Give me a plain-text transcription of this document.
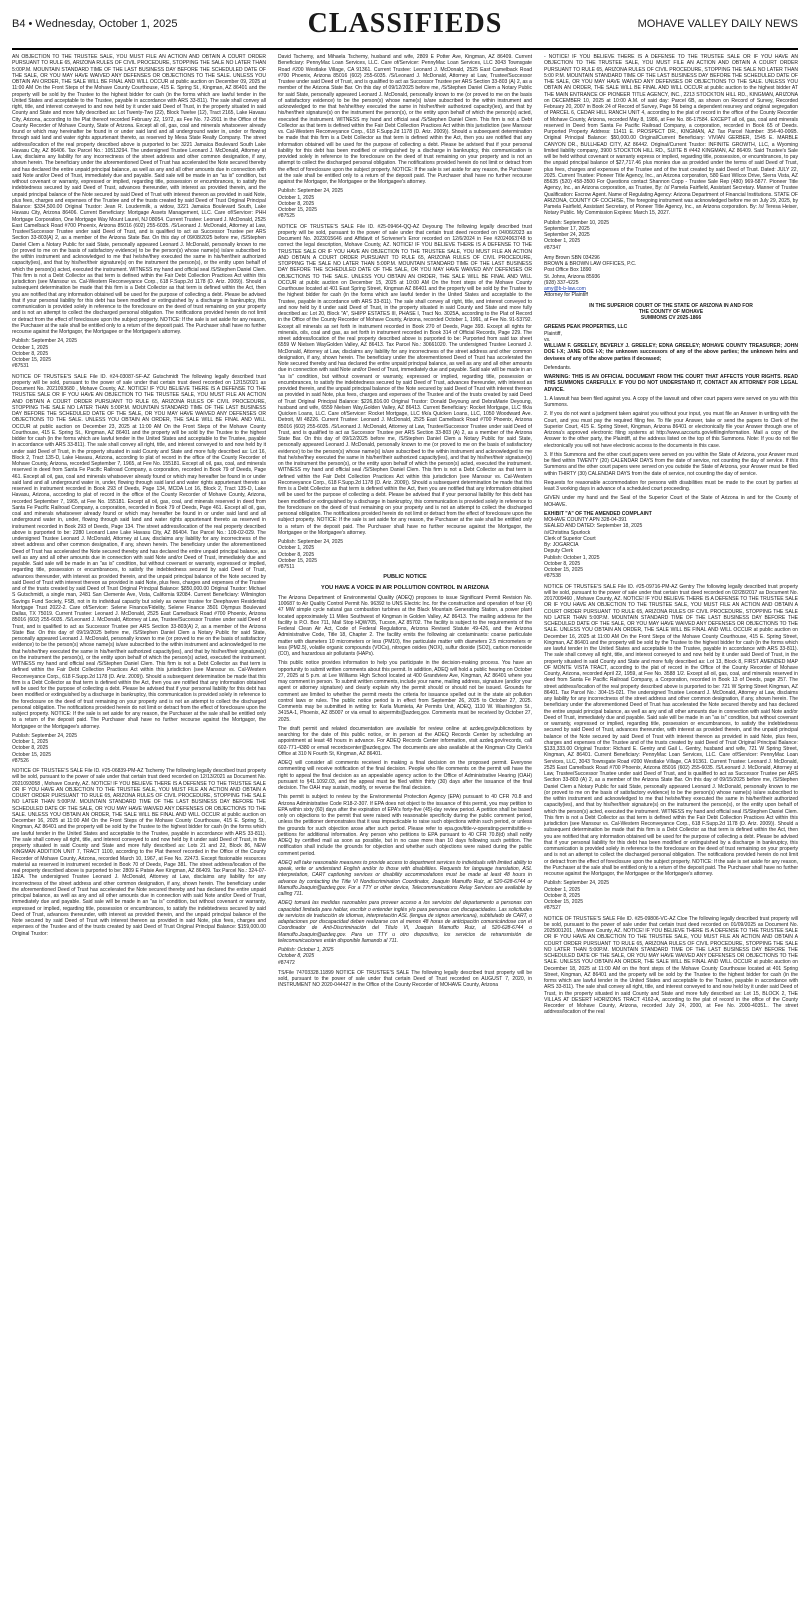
B4 • Wednesday, October 1, 2025	CLASSIFIEDS	MOHAVE VALLEY DAILY NEWS

AN OBJECTION TO THE TRUSTEE SALE, YOU MUST FILE AN ACTION AND OBTAIN A COURT ORDER PURSUANT TO RULE 65, ARIZONA RULES OF CIVIL PROCEDURE, STOPPING THE SALE NO LATER THAN 5:00P.M. MOUNTAIN STANDARD TIME OF THE LAST BUSINESS DAY BEFORE THE SCHEDULED DATE OF THE SALE, OR YOU MAY HAVE WAIVED ANY DEFENSES OR OBJECTIONS TO THE SALE. UNLESS YOU OBTAIN AN ORDER, THE SALE WILL BE FINAL AND WILL OCCUR at public auction on December 09, 2025 at 11:00 AM On the Front Steps of the Mohave County Courthouse, 415 E. Spring St., Kingman, AZ 86401 and the property will be sold by the Trustee to the highest bidder for cash (in the forms which are lawful tender in the United States and acceptable to the Trustee, payable in accordance with ARS 33-811). The sale shall convey all right, title, and interest conveyed to and now held by it under said Deed of Trust, in the property situated in said County and State and more fully described as: Lot Twenty-Two (22), Block Twelve (12), Tract 2165, Lake Havasu City, Arizona, according to the Plat thereof recorded February 22, 1972, as Fee No. 72-2911 in the Office of the County Recorder of Mohave County, State of Arizona. Except all oil, gas, coal and minerals whatsoever already found or which may hereinafter be found in or under said land and all underground water in, under or flowing through said land and water rights appurtenant thereto, as reserved by Mesa State Realty Company. The street address/location of the real property described above is purported to be: 3221 Jamaica Boulevard South Lake Havasu City, AZ 86406. Tax Parcel No.: 10513294. The undersigned Trustee Leonard J. McDonald, Attorney at Law, disclaims any liability for any incorrectness of the street address and other common designation, if any, shown herein. The beneficiary under the aforementioned Deed of Trust has accelerated the Note secured thereby and has declared the entire unpaid principal balance, as well as any and all other amounts due in connection with said Note and/or Deed of Trust, immediately due and payable. Said sale will be made in an "as is" condition, but without covenant or warranty, expressed or implied, regarding title, possession or encumbrances, to satisfy the indebtedness secured by said Deed of Trust, advances thereunder, with interest as provided therein, and the unpaid principal balance of the Note secured by said Deed of Trust with interest thereon as provided in said Note, plus fees, charges and expenses of the Trustee and of the trusts created by said Deed of Trust Original Principal Balance: $334,500.00 Original Trustor: Jean R. Loudermilk, a widow, 3221 Jamaica Boulevard South, Lake Havasu City, Arizona 86406. Current Beneficiary: Mortgage Assets Management, LLC. Care of/Servicer: PHH Mortgage Corporation, One Mortgage Way Mount Laurel, NJ 08054. Current Trustee: Leonard J. McDonald, 2525 East Camelback Road #700 Phoenix, Arizona 85016 (602) 255-6035. /S/Leonard J. McDonald, Attorney at Law, Trustee/Successor Trustee under said Deed of Trust, and is qualified to act as Successor Trustee per ARS Section 33-803(A) 2, as a member of the Arizona State Bar. On this day of 09/08/2025 before me, /S/Stephen Daniel Clem a Notary Public for said State, personally appeared Leonard J. McDonald, personally known to me (or proved to me on the basis of satisfactory evidence) to be the person(s) whose name(s) is/are subscribed to the within instrument and acknowledged to me that he/she/they executed the same in his/her/their authorized capacity(ies), and that by his/her/their signature(s) on the instrument the person(s), or the entity upon behalf of which the person(s) acted, executed the instrument. WITNESS my hand and official seal /S/Stephen Daniel Clem. This firm is not a Debt Collector as that term is defined within the Fair Debt Collection Practices Act within this jurisdiction (see Mansour vs. Cal-Western Reconveyance Corp., 618 F.Supp.2d 1178 (D. Ariz. 2009)). Should a subsequent determination be made that this firm is a Debt Collector as that term is defined within the Act, then you are notified that any information obtained will be used for the purpose of collecting a debt. Please be advised that if your personal liability for this debt has been modified or extinguished by a discharge in bankruptcy, this communication is provided solely in reference to the foreclosure on the deed of trust remaining on your property and is not an attempt to collect the discharged personal obligation. The notifications provided herein do not limit or detract from the effect of foreclosure upon the subject property. NOTICE: If the sale is set aside for any reason, the Purchaser at the sale shall be entitled only to a return of the deposit paid. The Purchaser shall have no further recourse against the Mortgagor, the Mortgagee or the Mortgagee's attorney.

Publish: September 24, 2025
October 1, 2025
October 8, 2025
October 15, 2025
#87531

NOTICE OF TRUSTEE'S SALE File ID. #24-03087-SF-AZ Gutschmidt The following legally described trust property will be sold, pursuant to the power of sale under that certain trust deed recorded on 12/15/2021 as Document No. 2021093680 , Mohave County, AZ. NOTICE! IF YOU BELIEVE THERE IS A DEFENSE TO THE TRUSTEE SALE OR IF YOU HAVE AN OBJECTION TO THE TRUSTEE SALE, YOU MUST FILE AN ACTION AND OBTAIN A COURT ORDER PURSUANT TO RULE 65, ARIZONA RULES OF CIVIL PROCEDURE, STOPPING THE SALE NO LATER THAN 5:00P.M. MOUNTAIN STANDARD TIME OF THE LAST BUSINESS DAY BEFORE THE SCHEDULED DATE OF THE SALE, OR YOU MAY HAVE WAIVED ANY DEFENSES OR OBJECTIONS TO THE SALE. UNLESS YOU OBTAIN AN ORDER, THE SALE WILL BE FINAL AND WILL OCCUR at public auction on December 23, 2025 at 11:00 AM On the Front Steps of the Mohave County Courthouse, 415 E. Spring St., Kingman, AZ 86401 and the property will be sold by the Trustee to the highest bidder for cash (in the forms which are lawful tender in the United States and acceptable to the Trustee, payable in accordance with ARS 33-811). The sale shall convey all right, title, and interest conveyed to and now held by it under said Deed of Trust, in the property situated in said County and State and more fully described as: Lot 16, Block 2, Tract 135-D, Lake Havasu, Arizona, according to plat of record in the office of the County Recorder of Mohave County, Arizona, recorded September 7, 1965, at Fee No. 155181. Except all oil, gas, coal, and minerals reserved in deed from Santa Fe Pacific Railroad Company, a corporation, recorded in Book 79 of Deeds, Page 461. Except all oil, gas, coal and minerals whatsoever already found or which may hereafter be found in or under said land and all underground water in, under, flowing through said land and water rights appurtenant thereto as reserved in instrument recorded in Book 293 of Deeds, Page 134, MCDA Lot 16, Block 2, Tract 135-D, Lake Havasu, Arizona, according to plat of record in the office of the County Recorder of Mohave County, Arizona, recorded September 7, 1965, at Fee No. 155181. Except all oil, gas, coal, and minerals reserved in deed from Santa Fe Pacific Railroad Company, a corporation, recorded in Book 79 of Deeds, Page 461. Except all oil, gas, coal and minerals whatsoever already found or which may hereafter be found in or under said land and all underground water in, under, flowing through said land and water rights appurtenant thereto as reserved in instrument recorded in Book 293 of Deeds, Page 134. The street address/location of the real property described above is purported to be: 2280 Leonard Lane Lake Havasu City, AZ 86404. Tax Parcel No.: 109-02-029. The undersigned Trustee Leonard J. McDonald, Attorney at Law, disclaims any liability for any incorrectness of the street address and other common designation, if any, shown herein. The beneficiary under the aforementioned Deed of Trust has accelerated the Note secured thereby and has declared the entire unpaid principal balance, as well as any and all other amounts due in connection with said Note and/or Deed of Trust, immediately due and payable. Said sale will be made in an "as is" condition, but without covenant or warranty, expressed or implied, regarding title, possession or encumbrances, to satisfy the indebtedness secured by said Deed of Trust, advances thereunder, with interest as provided therein, and the unpaid principal balance of the Note secured by said Deed of Trust with interest thereon as provided in said Note, plus fees, charges and expenses of the Trustee and of the trusts created by said Deed of Trust Original Principal Balance: $850,000.00 Original Trustor: Michael S Gutschmidt, a single man, 2481 San Clemente Ave, Vista, California 92084. Current Beneficiary: Wilmington Savings Fund Society, FSB, not in its individual capacity but solely as owner trustee for Deephaven Residential Mortgage Trust 2022-2. Care of/Servicer: Selene Finance/Fidelity, Selene Finance 3501 Olympus Boulevard Dallas, TX 75019. Current Trustee: Leonard J. McDonald, 2525 East Camelback Road #700 Phoenix, Arizona 85016 (602) 255-6035. /S/Leonard J. McDonald, Attorney at Law, Trustee/Successor Trustee under said Deed of Trust, and is qualified to act as Successor Trustee per ARS Section 33-803(A) 2, as a member of the Arizona State Bar. On this day of 09/19/2025 before me, /S/Stephen Daniel Clem a Notary Public for said State, personally appeared Leonard J. McDonald, personally known to me (or proved to me on the basis of satisfactory evidence) to be the person(s) whose name(s) is/are subscribed to the within instrument and acknowledged to me that he/she/they executed the same in his/her/their authorized capacity(ies), and that by his/her/their signature(s) on the instrument the person(s), or the entity upon behalf of which the person(s) acted, executed the instrument. WITNESS my hand and official seal /S/Stephen Daniel Clem. This firm is not a Debt Collector as that term is defined within the Fair Debt Collection Practices Act within this jurisdiction (see Mansour vs. Cal-Western Reconveyance Corp., 618 F.Supp.2d 1178 (D. Ariz. 2009)). Should a subsequent determination be made that this firm is a Debt Collector as that term is defined within the Act, then you are notified that any information obtained will be used for the purpose of collecting a debt. Please be advised that if your personal liability for this debt has been modified or extinguished by a discharge in bankruptcy, this communication is provided solely in reference to the foreclosure on the deed of trust remaining on your property and is not an attempt to collect the discharged personal obligation. The notifications provided herein do not limit or detract from the effect of foreclosure upon the subject property. NOTICE: If the sale is set aside for any reason, the Purchaser at the sale shall be entitled only to a return of the deposit paid. The Purchaser shall have no further recourse against the Mortgagor, the Mortgagee or the Mortgagee's attorney.

Publish: September 24, 2025
October 1, 2025
October 8, 2025
October 15, 2025
#87526

NOTICE OF TRUSTEE'S SALE File ID. #25-06839-PM-AZ Tschemy The following legally described trust property will be sold, pursuant to the power of sale under that certain trust deed recorded on 12/13/2021 as Document No. 2021093058 , Mohave County, AZ. NOTICE! IF YOU BELIEVE THERE IS A DEFENSE TO THE TRUSTEE SALE OR IF YOU HAVE AN OBJECTION TO THE TRUSTEE SALE, YOU MUST FILE AN ACTION AND OBTAIN A COURT ORDER PURSUANT TO RULE 65, ARIZONA RULES OF CIVIL PROCEDURE, STOPPING THE SALE NO LATER THAN 5:00P.M. MOUNTAIN STANDARD TIME OF THE LAST BUSINESS DAY BEFORE THE SCHEDULED DATE OF THE SALE, OR YOU MAY HAVE WAIVED ANY DEFENSES OR OBJECTIONS TO THE SALE. UNLESS YOU OBTAIN AN ORDER, THE SALE WILL BE FINAL AND WILL OCCUR at public auction on December 16, 2025 at 11:00 AM On the Front Steps of the Mohave County Courthouse, 415 E. Spring St., Kingman, AZ 86401 and the property will be sold by the Trustee to the highest bidder for cash (in the forms which are lawful tender in the United States and acceptable to the Trustee, payable in accordance with ARS 33-811). The sale shall convey all right, title, and interest conveyed to and now held by it under said Deed of Trust, in the property situated in said County and State and more fully described as: Lots 21 and 22, Block 86, NEW KINGMAN ADDITION UNIT 7, TRACT 1100, according to the Plat thereof recorded in the Office of the County Recorder of Mohave County, Arizona, recorded March 10, 1967, at Fee No. 22473. Except fissionable resources material as reserved in instrument recorded in Book 70 of Deeds, Page 381. The street address/location of the real property described above is purported to be: 2809 E Patsie Ave Kingman, AZ 86409. Tax Parcel No.: 324-07-182A. The undersigned Trustee Leonard J. McDonald, Attorney at Law, disclaims any liability for any incorrectness of the street address and other common designation, if any, shown herein. The beneficiary under the aforementioned Deed of Trust has accelerated the Note secured thereby and has declared the entire unpaid principal balance, as well as any and all other amounts due in connection with said Note and/or Deed of Trust, immediately due and payable. Said sale will be made in an "as is" condition, but without covenant or warranty, expressed or implied, regarding title, possession or encumbrances, to satisfy the indebtedness secured by said Deed of Trust, advances thereunder, with interest as provided therein, and the unpaid principal balance of the Note secured by said Deed of Trust with interest thereon as provided in said Note, plus fees, charges and expenses of the Trustee and of the trusts created by said Deed of Trust Original Principal Balance: $159,000.00 Original Trustor:

David Tschemy, and Mihaela Tschemy, husband and wife, 2809 E Potter Ave, Kingman, AZ 86409. Current Beneficiary: PennyMac Loan Services, LLC. Care of/Servicer: PennyMac Loan Services, LLC 3043 Townsgate Road #200 Westlake Village, CA 91361. Current Trustee: Leonard J. McDonald, 2525 East Camelback Road #700 Phoenix, Arizona 85016 (602) 255-6035. /S/Leonard J. McDonald, Attorney at Law, Trustee/Successor Trustee under said Deed of Trust, and is qualified to act as Successor Trustee per ARS Section 33-803 (A) 2, as a member of the Arizona State Bar. On this day of 09/12/2025 before me, /S/Stephen Daniel Clem a Notary Public for said State, personally appeared Leonard J. McDonald, personally known to me (or proved to me on the basis of satisfactory evidence) to be the person(s) whose name(s) is/are subscribed to the within instrument and acknowledged to me that he/she/they executed the same in his/her/their authorized capacity(ies), and that by his/her/their signature(s) on the instrument the person(s), or the entity upon behalf of which the person(s) acted, executed the instrument. WITNESS my hand and official seal /S/Stephen Daniel Clem. This firm is not a Debt Collector as that term is defined within the Fair Debt Collection Practices Act within this jurisdiction (see Mansour vs. Cal-Western Reconveyance Corp., 618 F.Supp.2d 1178 (D. Ariz. 2009)). Should a subsequent determination be made that this firm is a Debt Collector as that term is defined within the Act, then you are notified that any information obtained will be used for the purpose of collecting a debt. Please be advised that if your personal liability for this debt has been modified or extinguished by a discharge in bankruptcy, this communication is provided solely in reference to the foreclosure on the deed of trust remaining on your property and is not an attempt to collect the discharged personal obligation. The notifications provided herein do not limit or detract from the effect of foreclosure upon the subject property. NOTICE: If the sale is set aside for any reason, the Purchaser at the sale shall be entitled only to a return of the deposit paid. The Purchaser shall have no further recourse against the Mortgagor, the Mortgagee or the Mortgagee's attorney.

Publish: September 24, 2025
October 1, 2025
October 8, 2025
October 15, 2025
#87525

NOTICE OF TRUSTEE'S SALE File ID. #25-09464-QQ-AZ Deyoung The following legally described trust property will be sold, pursuant to the power of sale under that certain trust deed recorded on 04/06/2023 as Document No. 2023015646 and Affidavit of Scrivener's Error recorded on 12/6/2024 in Fee #2024063748 to correct the legal description, Mohave County, AZ. NOTICE! IF YOU BELIEVE THERE IS A DEFENSE TO THE TRUSTEE SALE OR IF YOU HAVE AN OBJECTION TO THE TRUSTEE SALE, YOU MUST FILE AN ACTION AND OBTAIN A COURT ORDER PURSUANT TO RULE 65, ARIZONA RULES OF CIVIL PROCEDURE, STOPPING THE SALE NO LATER THAN 5:00P.M. MOUNTAIN STANDARD TIME OF THE LAST BUSINESS DAY BEFORE THE SCHEDULED DATE OF THE SALE, OR YOU MAY HAVE WAIVED ANY DEFENSES OR OBJECTIONS TO THE SALE. UNLESS YOU OBTAIN AN ORDER, THE SALE WILL BE FINAL AND WILL OCCUR at public auction on December 15, 2025 at 10:00 AM On the front steps of the Mohave County Courthouse located at 401 East Spring Street, Kingman AZ 86401 and the property will be sold by the Trustee to the highest bidder for cash (in the forms which are lawful tender in the United States and acceptable to the Trustee, payable in accordance with ARS 33-811). The sale shall convey all right, title, and interest conveyed to and now held by it under said Deed of Trust, in the property situated in said County and State and more fully described as: Lot 20, Block "A", SHIPP ESTATES III, PHASE I, Tract No. 3025A, according to the Plat of Record in the Office of the County Recorder of Mohave County, Arizona, recorded October 1, 1991, at Fee No. 91-53792. Except all minerals as set forth in instrument recorded in Book 270 of Deeds, Page 393. Except all rights for minerals, oils, coal and gas, as set forth in instrument recorded in Book 314 of Official Records, Page 229. The street address/location of the real property described above is purported to be: Purported from said tax sheet 6559 W Nielsen WayGolden Valley, AZ 86413. Tax Parcel No.: 30661020. The undersigned Trustee Leonard J. McDonald, Attorney at Law, disclaims any liability for any incorrectness of the street address and other common designation, if any, shown herein. The beneficiary under the aforementioned Deed of Trust has accelerated the Note secured thereby and has declared the entire unpaid principal balance, as well as any and all other amounts due in connection with said Note and/or Deed of Trust, immediately due and payable. Said sale will be made in an "as is" condition, but without covenant or warranty, expressed or implied, regarding title, possession or encumbrances, to satisfy the indebtedness secured by said Deed of Trust, advances thereunder, with interest as provided therein, and the unpaid principal balance of the Note secured by said Deed of Trust with interest thereon as provided in said Note, plus fees, charges and expenses of the Trustee and of the trusts created by said Deed of Trust Original Principal Balance: $226,816.00 Original Trustor: Donald Deyoung and DebraMarie Deyoung, husband and wife, 6559 Nielsen Way,Golden Valley, AZ 86413. Current Beneficiary: Rocket Mortgage, LLC f/k/a Quicken Loans, LLC. Care of/Servicer: Rocket Mortgage, LLC f/k/a Quicken Loans, LLC, 1050 Woodward Ave. Detroit, MI 48226. Current Trustee: Leonard J. McDonald, 2525 East Camelback Road #700 Phoenix, Arizona 85016 (602) 255-6035. /S/Leonard J. McDonald, Attorney at Law, Trustee/Successor Trustee under said Deed of Trust, and is qualified to act as Successor Trustee per ARS Section 33-803 (A) 2, as a member of the Arizona State Bar. On this day of 09/12/2025 before me, /S/Stephen Daniel Clem a Notary Public for said State, personally appeared Leonard J. McDonald, personally known to me (or proved to me on the basis of satisfactory evidence) to be the person(s) whose name(s) is/are subscribed to the within instrument and acknowledged to me that he/she/they executed the same in his/her/their authorized capacity(ies), and that by his/her/their signature(s) on the instrument the person(s), or the entity upon behalf of which the person(s) acted, executed the instrument. WITNESS my hand and official seal /S/Stephen Daniel Clem. This firm is not a Debt Collector as that term is defined within the Fair Debt Collection Practices Act within this jurisdiction (see Mansour vs. Cal-Western Reconveyance Corp., 618 F.Supp.2d 1178 (D. Ariz. 2009)). Should a subsequent determination be made that this firm is a Debt Collector as that term is defined within the Act, then you are notified that any information obtained will be used for the purpose of collecting a debt. Please be advised that if your personal liability for this debt has been modified or extinguished by a discharge in bankruptcy, this communication is provided solely in reference to the foreclosure on the deed of trust remaining on your property and is not an attempt to collect the discharged personal obligation. The notifications provided herein do not limit or detract from the effect of foreclosure upon the subject property. NOTICE: If the sale is set aside for any reason, the Purchaser at the sale shall be entitled only to a return of the deposit paid. The Purchaser shall have no further recourse against the Mortgagor, the Mortgagee or the Mortgagee's attorney.

Publish: September 24, 2025
October 1, 2025
October 8, 2025
October 15, 2025
#87511
PUBLIC NOTICE
YOU HAVE A VOICE IN AIR POLLUTION CONTROL IN ARIZONA

The Arizona Department of Environmental Quality (ADEQ) proposes to issue Significant Permit Revision No. 100687 to Air Quality Control Permit No. 96392 to UNS Electric Inc. for the construction and operation of four (4) 47 MW simple cycle natural gas combustion turbines at the Black Mountain Generating Station, a power plant located approximately 11 Miles Southwest of Kingman in Golden Valley, AZ 86413. The mailing address for the facility is P.O. Box 711, Mail Stop HQW705, Tucson, AZ 85702. The facility is subject to the requirements of the Federal Clean Air Act, Code of Federal Regulations, Arizona Revised Statute 49-426, and the Arizona Administrative Code, Title 18, Chapter 2. The facility emits the following air contaminants: coarse particulate matter with diameters 10 micrometers or less (PM10), fine particulate matter with diameters 2.5 micrometers or less (PM2.5), volatile organic compounds (VOCs), nitrogen oxides (NOX), sulfur dioxide (SO2), carbon monoxide (CO), and hazardous air pollutants (HAPs).

This public notice provides information to help you participate in the decision-making process. You have an opportunity to submit written comments about this permit. In addition, ADEQ will hold a public hearing on October 27, 2025 at 5 p.m. at Lee Williams High School located at 400 Grandview Ave, Kingman, AZ 86401 where you may comment in person. To submit written comments, include your name, mailing address, signature (and/or your agent or attorney signature) and clearly explain why the permit should or should not be issued. Grounds for comment are limited to whether the permit meets the criteria for issuance spelled out in the state air pollution control laws or rules. The public notice period is in effect from September 26, 2025 to October 27, 2025. Comments may be submitted in writing to: Karla Mumieta, Air Permits Unit, ADEQ, 1110 W. Washington St., 3415A-1, Phoenix, AZ 85007 or via email to airpermits@azdeq.gov. Comments must be received by October 27, 2025.

The draft permit and related documentation are available for review online at azdeq.gov/publicnotices by searching for the date of this public notice, or in person at the ADEQ Records Center by scheduling an appointment at least 48 hours in advance. For ADEQ Records Center information, visit azdeq.gov/records, call 602-771-4380 or email recordscenter@azdeq.gov. The documents are also available at the Kingman City Clerk's Office at 310 N Fourth St, Kingman, AZ 86401.

ADEQ will consider all comments received in making a final decision on the proposed permit. Everyone commenting will receive notification of the final decision. People who file comments on the permit will have the right to appeal the final decision as an appealable agency action to the Office of Administrative Hearing (OAH) pursuant to §41.1092.03, and the appeal must be filed within thirty (30) days after the issuance of the final decision. The OAH may sustain, modify, or reverse the final decision.

This permit is subject to review by the Environmental Protection Agency (EPA) pursuant to 40 CFR 70.8 and Arizona Administrative Code R18-2-307. If EPA does not object to the issuance of this permit, you may petition to EPA within sixty (60) days after the expiration of EPA's forty-five (45)-day review period. A petition shall be based only on objections to the permit that were raised with reasonable specificity during the public comment period, unless the petitioner demonstrates that it was impracticable to raise such objections within such period, or unless the grounds for such objection arose after such period. Please refer to epa.gov/title-v-operating-permits/title-v-petitions for additional information. Any person who petitions to EPA pursuant to 40 CFR 70.8(d) shall notify ADEQ by certified mail as soon as possible, but in no case more than 10 days following such petition. The notification shall include the grounds for objection and whether such objections were raised during the public comment period.

ADEQ will take reasonable measures to provide access to department services to individuals with limited ability to speak, write or understand English and/or to those with disabilities. Requests for language translation, ASL interpretation, CART captioning services or disability accommodations must be made at least 48 hours in advance by contacting the Title VI Nondiscrimination Coordinator, Joaquin Mamuffo Ruiz, at 520-628-6744 or Mamuffo.Joaquin@azdeq.gov. For a TTY or other device, Telecommunications Relay Services are available by calling 711.

ADEQ tomará las medidas razonables para proveer acceso a los servicios del departamento a personas con capacidad limitada para hablar, escribir o entender inglés y/o para personas con discapacidades. Las solicitudes de servicios de traducción de idiomas, interpretación ASL (lengua de signos americana), subtitulado de CART, o adaptaciones por discapacidad deben realizarse con al menos 48 horas de anticipación comunicándose con el Coordinador de Anti-Discriminación del Título VI, Joaquin Mamuffo Ruiz, al 520-628-6744 o Mamuffo.Joaquin@azdeq.gov. Para un TTY u otro dispositivo, los servicios de retransmisión de telecomunicaciones están disponible llamando al 711.

Publish: October 1, 2025
October 8, 2025
#87472

TS/File 74703328.11899 NOTICE OF TRUSTEE'S SALE The following legally described trust property will be sold, pursuant to the power of sale under that certain Deed of Trust recorded on AUGUST 7, 2020, in INSTRUMENT NO 2020-044427 in the Office of the County Recorder of MOHAVE County, Arizona

- NOTICE! IF YOU BELIEVE THERE IS A DEFENSE TO THE TRUSTEE SALE OR IF YOU HAVE AN OBJECTION TO THE TRUSTEE SALE, YOU MUST FILE AN ACTION AND OBTAIN A COURT ORDER PURSUANT TO RULE 65, ARIZONA RULES OF CIVIL PROCEDURE, STOPPING THE SALE NO LATER THAN 5:00 P.M. MOUNTAIN STANDARD TIME OF THE LAST BUSINESS DAY BEFORE THE SCHEDULED DATE OF THE SALE, OR YOU MAY HAVE WAIVED ANY DEFENSES OR OBJECTIONS TO THE SALE. UNLESS YOU OBTAIN AN ORDER, THE SALE WILL BE FINAL AND WILL OCCUR at public auction to the highest bidder AT THE MAIN ENTRANCE OF PIONEER TITLE AGENCY, INC., 2213 STOCKTON HILL RD., KINGMAN, ARIZONA on DECEMBER 10, 2025 at 10:00 A.M. of said day: Parcel 6B, as shown on Record of Survey, Recorded February 20, 2007 in Book 24 of Record of Survey, Page 56 being a dependent resurvey and original segregation of PARCEL 6, CEDAR HILL RANCH UNIT 4, according to the plat of record in the office of the County Recorder of Mohave County, Arizona, recorded May 8, 1986, at Fee No. 86-17584. EXCEPT all oil, gas, coal and minerals reserved in Deed from Santa Fe Pacific Railroad Company, a corporation, recorded in Book 65 of Deeds. Purported Property Address: 11411 E. PROSPECT DR., KINGMAN, AZ Tax Parcel Number: 354-40-006B. Original Principal Balance: $50,000.00 Original/Current Beneficiary: VIVIAN GERBER, 1545 E. MARBLE CANYON DR., BULLHEAD CITY, AZ 86442. Original/Current Trustor: INFINITE GROWTH, LLC, a Wyoming limited liability company, 3900 STOCKTON HILL RD., SUITE B #442 KINGMAN, AZ 86409. Said Trustee's Sale will be held without covenant or warranty express or implied, regarding title, possession, or encumbrances, to pay the unpaid principal balance of $27,717.46 plus monies due as provided under the terms of said Deed of Trust, plus fees, charges and expenses of the Trustee and of the trust created by said Deed of Trust. Dated: JULY 22, 2025. Current Trustee: Pioneer Title Agency, Inc., an Arizona corporation, 580 East Wilcox Drive, Sierra Vista, AZ 85635 (520) 458-3500 For Questions contact Shannon Copp - Trustee Sale Rep (480) 969-5877. Pioneer Title Agency, Inc., an Arizona corporation, as Trustee, By: /s/ Pamela Fairfield, Assistant Secretary. Manner of Trustee Qualification: Escrow Agent. Name of Regulating Agency: Arizona Department of Financial Institutions. STATE OF ARIZONA, COUNTY OF COCHISE, The foregoing instrument was acknowledged before me on July 29, 2025, by Pamela Fairfield, Assistant Secretary, of Pioneer Title Agency, Inc., an Arizona corporation. By: /s/ Teresa Heiser, Notary Public. My Commission Expires: March 15, 2027.

Publish: September 10, 2025
September 17, 2025
September 24, 2025
October 1, 2025
#87347
Amy Brown SBN 034296
BROWN & BROWN LAW OFFICES, P.C.
Post Office Box 1890
St. Johns, Arizona 85936
(928) 337-4225
amy@b-b-law.com
Attorney for Plaintiff
IN THE SUPERIOR COURT OF THE STATE OF ARIZONA IN AND FOR
THE COUNTY OF MOHAVE
SUMMONS CV 2025-1866
GREENS PEAK PROPERTIES, LLC
Plaintiff,
vs.

WILLIAM F. GREELEY, BEVERLY J. GREELEY; EDNA GREELEY; MOHAVE COUNTY TREASURER; JOHN DOE I-X; JANE DOE I-X; the unknown successors of any of the above parties; the unknown heirs and devisees of any of the above parties if deceased;

Defendants.

WARNING: THIS IS AN OFFICIAL DOCUMENT FROM THE COURT THAT AFFECTS YOUR RIGHTS. READ THIS SUMMONS CAREFULLY. IF YOU DO NOT UNDERSTAND IT, CONTACT AN ATTORNEY FOR LEGAL ADVICE.

1. A lawsuit has been filed against you. A copy of the lawsuit and other court papers were served on you with this Summons.

2. If you do not want a judgment taken against you without your input, you must file an Answer in writing with the Court, and you must pay the required filing fee. To file your Answer, take or send the papers to Clerk of the Superior Court, 415 E. Spring Street, Kingman, Arizona 86401 or electronically file your Answer through one of Arizona's approved electronic filing systems at http://www.azcourts.gov/efilinginformation. Mail a copy of the Answer to the other party, the Plaintiff, at the address listed on the top of this Summons. Note: If you do not file electronically you will not have electronic access to the documents in this case.

3. If this Summons and the other court papers were served on you within the State of Arizona, your Answer must be filed within TWENTY (20) CALENDAR DAYS from the date of service, not counting the day of service. If this Summons and the other court papers were served on you outside the State of Arizona, your Answer must be filed within THIRTY (30) CALENDAR DAYS from the date of service, not counting the day of service.

Requests for reasonable accommodation for persons with disabilities must be made to the court by parties at least 3 working days in advance of a scheduled court proceeding.

GIVEN under my hand and the Seal of the Superior Court of the State of Arizona in and for the County of MOHAVE.

EXHIBIT "A" OF THE AMENDED COMPLAINT
MOHAVE COUNTY APN 328-04-391
SEALED AND DATED: September 18, 2025
/s/Christina Spurlock
Clerk of Superior Court
By: JOGARCIA
Deputy Clerk
Publish: October 1, 2025
October 8, 2025
October 15, 2025
#87538

NOTICE OF TRUSTEE'S SALE File ID. #25-09716-PM-AZ Gentry The following legally described trust property will be sold, pursuant to the power of sale under that certain trust deed recorded on 02/28/2017 as Document No. 2017009460 , Mohave County, AZ. NOTICE! IF YOU BELIEVE THERE IS A DEFENSE TO THE TRUSTEE SALE OR IF YOU HAVE AN OBJECTION TO THE TRUSTEE SALE, YOU MUST FILE AN ACTION AND OBTAIN A COURT ORDER PURSUANT TO RULE 65, ARIZONA RULES OF CIVIL PROCEDURE, STOPPING THE SALE NO LATER THAN 5:00P.M. MOUNTAIN STANDARD TIME OF THE LAST BUSINESS DAY BEFORE THE SCHEDULED DATE OF THE SALE, OR YOU MAY HAVE WAIVED ANY DEFENSES OR OBJECTIONS TO THE SALE. UNLESS YOU OBTAIN AN ORDER, THE SALE WILL BE FINAL AND WILL OCCUR at public auction on December 16, 2025 at 11:00 AM On the Front Steps of the Mohave County Courthouse, 415 E. Spring Street, Kingman, AZ 86401 and the property will be sold by the Trustee to the highest bidder for cash (in the forms which are lawful tender in the United States and acceptable to the Trustee, payable in accordance with ARS 33-811). The sale shall convey all right, title, and interest conveyed to and now held by it under said Deed of Trust, in the property situated in said County and State and more fully described as: Lot 13, Block 8, FIRST AMENDED MAP OF MONTE VISTA TRACT, according to the plat of record in the Office of the County Recorder of Mohave County, Arizona, recorded April 22, 1959, at Fee No. 3588 1/2. Except all oil, gas, coal, and minerals reserved in deed from Santa Fe Pacific Railroad Company, a Corporation, recorded in Book 13 of Deeds, page 257. The street address/location of the real property described above is purported to be: 721 W Spring Street Kingman, AZ 86401. Tax Parcel No.: 304-15-021. The undersigned Trustee Leonard J. McDonald, Attorney at Law, disclaims any liability for any incorrectness of the street address and other common designation, if any, shown herein. The beneficiary under the aforementioned Deed of Trust has accelerated the Note secured thereby and has declared the entire unpaid principal balance, as well as any and all other amounts due in connection with said Note and/or Deed of Trust, immediately due and payable. Said sale will be made in an "as is" condition, but without covenant or warranty, expressed or implied, regarding title, possession or encumbrances, to satisfy the indebtedness secured by said Deed of Trust, advances thereunder, with interest as provided therein, and the unpaid principal balance of the Note secured by said Deed of Trust with interest thereon as provided in said Note, plus fees, charges and expenses of the Trustee and of the trusts created by said Deed of Trust Original Principal Balance: $133,333.00 Original Trustor: Richard E. Gentry and Gail L. Gentry, husband and wife, 721 W Spring Street, Kingman, AZ 86401. Current Beneficiary: PennyMac Loan Services, LLC. Care of/Servicer: PennyMac Loan Services, LLC, 3043 Townsgate Road #200 Westlake Village, CA 91361. Current Trustee: Leonard J. McDonald, 2525 East Camelback Road #700 Phoenix, Arizona 85016 (602) 255-6035. /S/Leonard J. McDonald, Attorney at Law, Trustee/Successor Trustee under said Deed of Trust, and is qualified to act as Successor Trustee per ARS Section 33-803 (A) 2, as a member of the Arizona State Bar. On this day of 09/15/2025 before me, /S/Stephen Daniel Clem a Notary Public for said State, personally appeared Leonard J. McDonald, personally known to me (or proved to me on the basis of satisfactory evidence) to be the person(s) whose name(s) is/are subscribed to the within instrument and acknowledged to me that he/she/they executed the same in his/her/their authorized capacity(ies), and that by his/her/their signature(s) on the instrument the person(s), or the entity upon behalf of which the person(s) acted, executed the instrument. WITNESS my hand and official seal /S/Stephen Daniel Clem. This firm is not a Debt Collector as that term is defined within the Fair Debt Collection Practices Act within this jurisdiction (see Mansour vs. Cal-Western Reconveyance Corp., 618 F.Supp.2d 1178 (D. Ariz. 2009)). Should a subsequent determination be made that this firm is a Debt Collector as that term is defined within the Act, then you are notified that any information obtained will be used for the purpose of collecting a debt. Please be advised that if your personal liability for this debt has been modified or extinguished by a discharge in bankruptcy, this communication is provided solely in reference to the foreclosure on the deed of trust remaining on your property and is not an attempt to collect the discharged personal obligation. The notifications provided herein do not limit or detract from the effect of foreclosure upon the subject property. NOTICE: If the sale is set aside for any reason, the Purchaser at the sale shall be entitled only to a return of the deposit paid. The Purchaser shall have no further recourse against the Mortgagor, the Mortgagee or the Mortgagee's attorney.

Publish: September 24, 2025
October 1, 2025
October 8, 2025
October 15, 2025
#87527

NOTICE OF TRUSTEE'S SALE File ID. #25-09806-VC-AZ Cloe The following legally described trust property will be sold, pursuant to the power of sale under that certain trust deed recorded on 01/09/2025 as Document No. 2025001201 , Mohave County, AZ. NOTICE! IF YOU BELIEVE THERE IS A DEFENSE TO THE TRUSTEE SALE OR IF YOU HAVE AN OBJECTION TO THE TRUSTEE SALE, YOU MUST FILE AN ACTION AND OBTAIN A COURT ORDER PURSUANT TO RULE 65, ARIZONA RULES OF CIVIL PROCEDURE, STOPPING THE SALE NO LATER THAN 5:00P.M. MOUNTAIN STANDARD TIME OF THE LAST BUSINESS DAY BEFORE THE SCHEDULED DATE OF THE SALE, OR YOU MAY HAVE WAIVED ANY DEFENSES OR OBJECTIONS TO THE SALE. UNLESS YOU OBTAIN AN ORDER, THE SALE WILL BE FINAL AND WILL OCCUR at public auction on December 18, 2025 at 11:00 AM on the front steps of the Mohave County Courthouse located at 401 Spring Street, Kingman, AZ 86401 and the property will be sold by the Trustee to the highest bidder for cash (in the forms which are lawful tender in the United States and acceptable to the Trustee, payable in accordance with ARS 33-811). The sale shall convey all right, title, and interest conveyed to and now held by it under said Deed of Trust, in the property situated in said County and State and more fully described as: Lot 15, BLOCK 2, THE VILLAS AT DESERT HORIZONS TRACT 4162-A, according to the plat of record in the office of the County Recorder of Mohave County, Arizona, recorded July 24, 2000, at Fee No. 2000-40351.. The street address/location of the real
